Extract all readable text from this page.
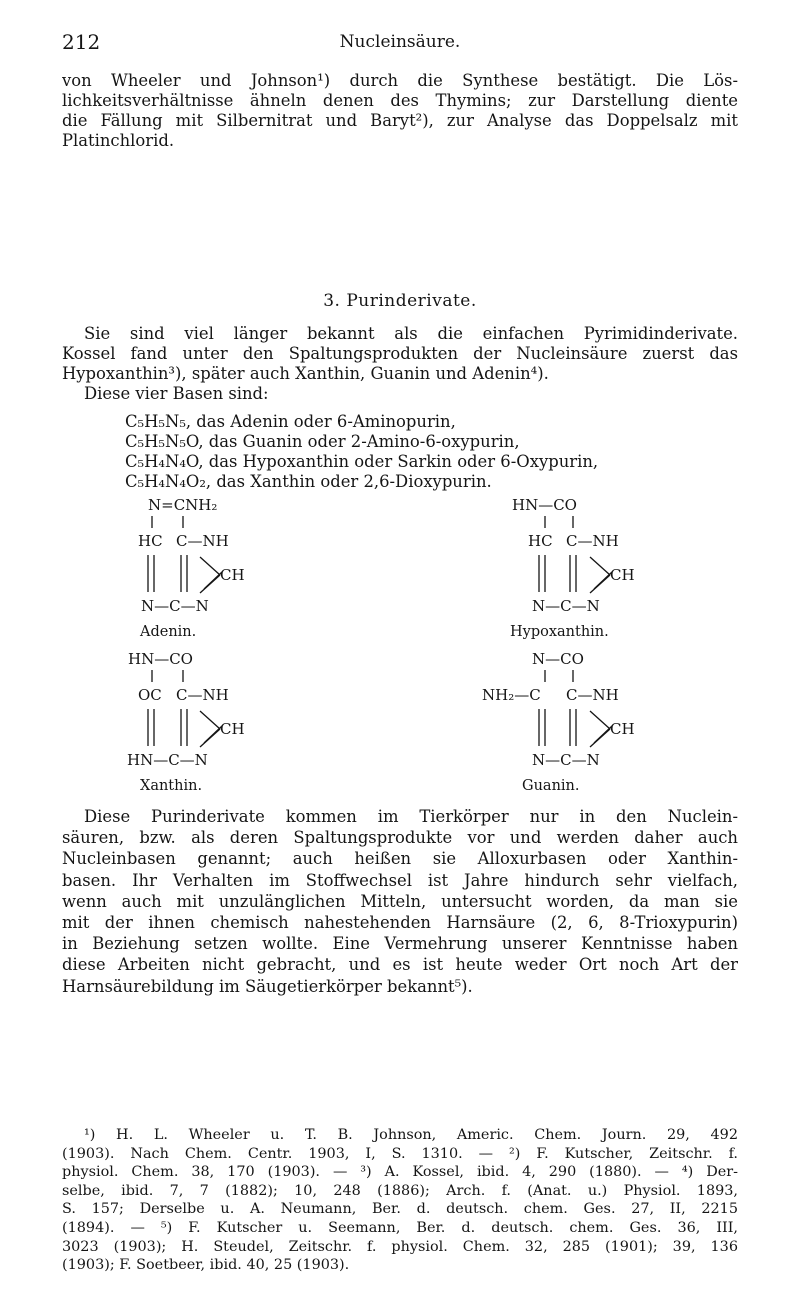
212	Nucleinsäure.
von Wheeler und Johnson¹) durch die Synthese bestätigt. Die Lös-
lichkeitsverhältnisse ähneln denen des Thymins; zur Darstellung diente
die Fällung mit Silbernitrat und Baryt²), zur Analyse das Doppelsalz mit
Platinchlorid.
3. Purinderivate.
Sie sind viel länger bekannt als die einfachen Pyrimidinderivate.
Kossel fand unter den Spaltungsprodukten der Nucleinsäure zuerst das
Hypoxanthin³), später auch Xanthin, Guanin und Adenin⁴).
Diese vier Basen sind:
C₅H₅N₅, das Adenin oder 6-Aminopurin,
C₅H₅N₅O, das Guanin oder 2-Amino-6-oxypurin,
C₅H₄N₄O, das Hypoxanthin oder Sarkin oder 6-Oxypurin,
C₅H₄N₄O₂, das Xanthin oder 2,6-Dioxypurin.
N=CNH₂
HC C—NH
CH
N—C—N
Adenin.
HN—CO
HC C—NH
CH
N—C—N
Hypoxanthin.
HN—CO
OC C—NH
CH
HN—C—N
Xanthin.
N—CO
NH₂—C C—NH
CH
N—C—N
Guanin.
Diese Purinderivate kommen im Tierkörper nur in den Nuclein-
säuren, bzw. als deren Spaltungsprodukte vor und werden daher auch
Nucleinbasen genannt; auch heißen sie Alloxurbasen oder Xanthin-
basen. Ihr Verhalten im Stoffwechsel ist Jahre hindurch sehr vielfach,
wenn auch mit unzulänglichen Mitteln, untersucht worden, da man sie
mit der ihnen chemisch nahestehenden Harnsäure (2, 6, 8-Trioxypurin)
in Beziehung setzen wollte. Eine Vermehrung unserer Kenntnisse haben
diese Arbeiten nicht gebracht, und es ist heute weder Ort noch Art der
Harnsäurebildung im Säugetierkörper bekannt⁵).
¹) H. L. Wheeler u. T. B. Johnson, Americ. Chem. Journ. 29, 492
(1903). Nach Chem. Centr. 1903, I, S. 1310. — ²) F. Kutscher, Zeitschr. f.
physiol. Chem. 38, 170 (1903). — ³) A. Kossel, ibid. 4, 290 (1880). — ⁴) Der-
selbe, ibid. 7, 7 (1882); 10, 248 (1886); Arch. f. (Anat. u.) Physiol. 1893,
S. 157; Derselbe u. A. Neumann, Ber. d. deutsch. chem. Ges. 27, II, 2215
(1894). — ⁵) F. Kutscher u. Seemann, Ber. d. deutsch. chem. Ges. 36, III,
3023 (1903); H. Steudel, Zeitschr. f. physiol. Chem. 32, 285 (1901); 39, 136
(1903); F. Soetbeer, ibid. 40, 25 (1903).
